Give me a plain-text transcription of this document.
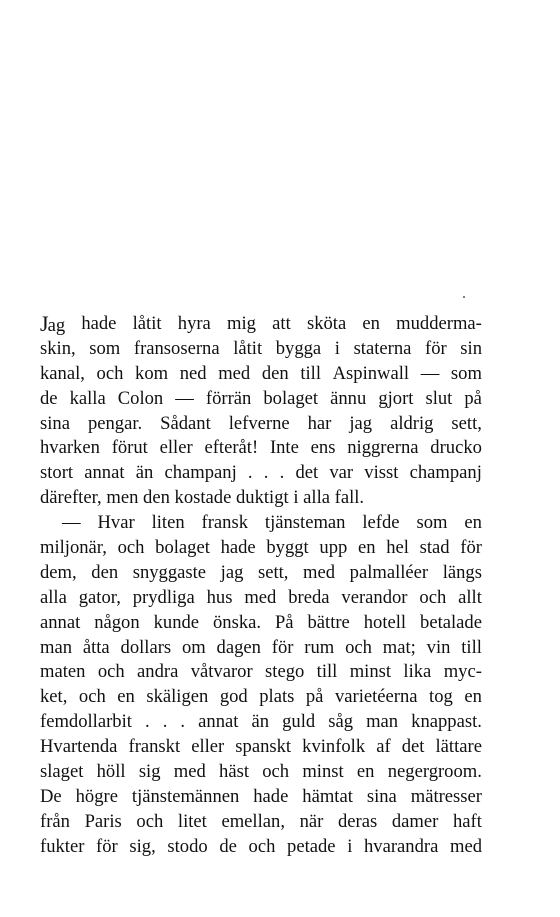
Jag hade låtit hyra mig att sköta en mudderma-
skin, som fransoserna låtit bygga i staterna för sin
kanal, och kom ned med den till Aspinwall — som
de kalla Colon — förrän bolaget ännu gjort slut på
sina pengar. Sådant lefverne har jag aldrig sett,
hvarken förut eller efteråt! Inte ens niggrerna drucko
stort annat än champanj . . . det var visst champanj
därefter, men den kostade duktigt i alla fall.
— Hvar liten fransk tjänsteman lefde som en
miljonär, och bolaget hade byggt upp en hel stad för
dem, den snyggaste jag sett, med palmalléer längs
alla gator, prydliga hus med breda verandor och allt
annat någon kunde önska. På bättre hotell betalade
man åtta dollars om dagen för rum och mat; vin till
maten och andra våtvaror stego till minst lika myc-
ket, och en skäligen god plats på varietéerna tog en
femdollarbit . . . annat än guld såg man knappast.
Hvartenda franskt eller spanskt kvinfolk af det lättare
slaget höll sig med häst och minst en negergroom.
De högre tjänstemännen hade hämtat sina mätresser
från Paris och litet emellan, när deras damer haft
fukter för sig, stodo de och petade i hvarandra med
